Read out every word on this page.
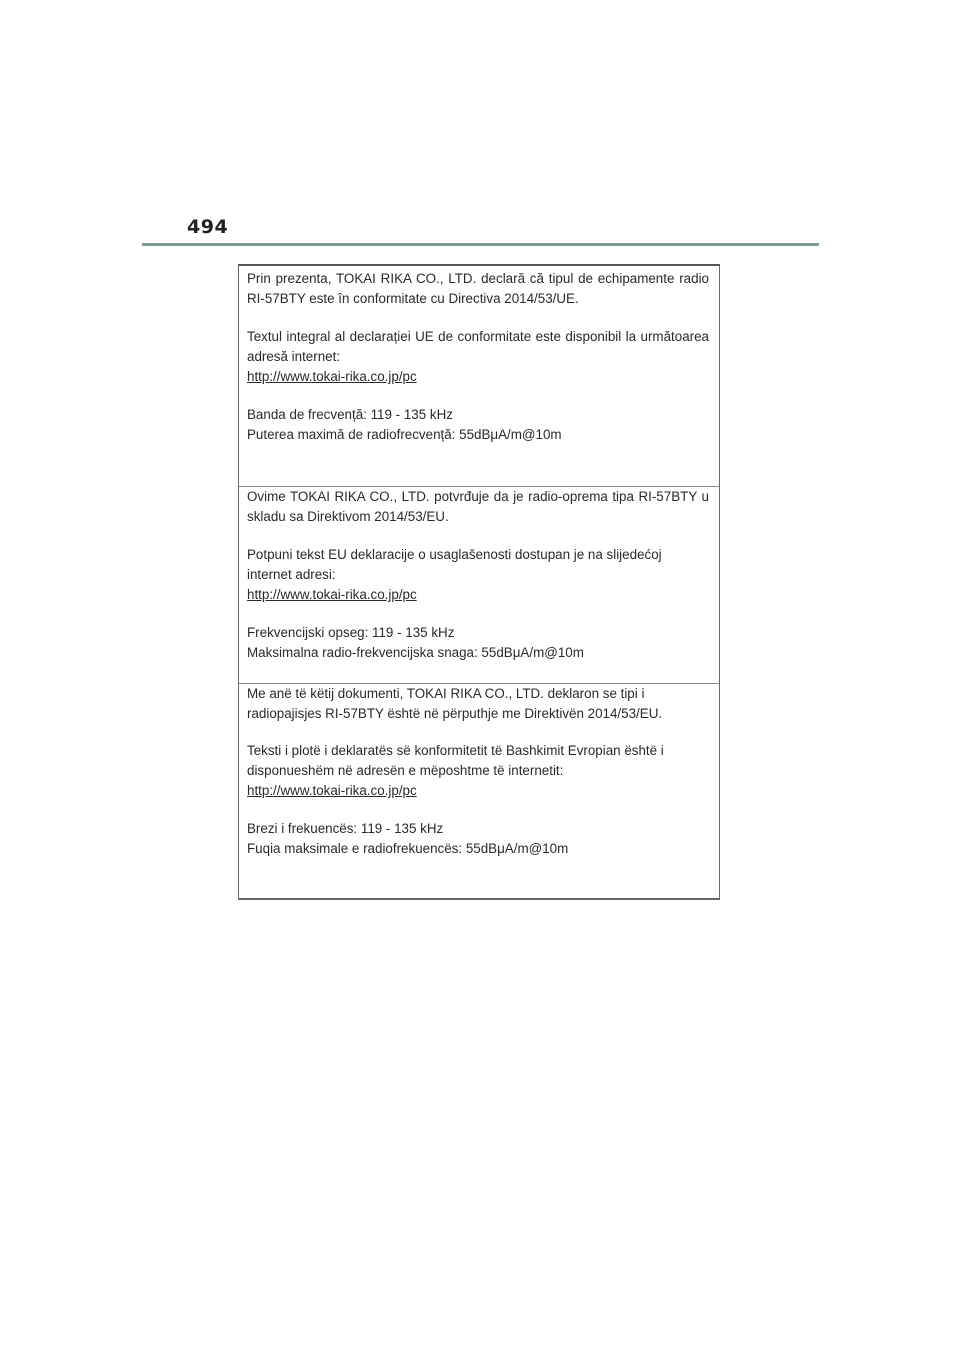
494

Prin prezenta, TOKAI RIKA CO., LTD. declară că tipul de echipamente radio RI-57BTY este în conformitate cu Directiva 2014/53/UE.

Textul integral al declarației UE de conformitate este disponibil la următoarea adresă internet:

http://www.tokai-rika.co.jp/pc

Banda de frecvență: 119 - 135 kHz

Puterea maximă de radiofrecvență: 55dBμA/m@10m

Ovime TOKAI RIKA CO., LTD. potvrđuje da je radio-oprema tipa RI-57BTY u skladu sa Direktivom 2014/53/EU.

Potpuni tekst EU deklaracije o usaglašenosti dostupan je na slijedećoj internet adresi:

http://www.tokai-rika.co.jp/pc

Frekvencijski opseg: 119 - 135 kHz

Maksimalna radio-frekvencijska snaga: 55dBμA/m@10m

Me anë të këtij dokumenti, TOKAI RIKA CO., LTD. deklaron se tipi i radiopajisjes RI-57BTY është në përputhje me Direktivën 2014/53/EU.

Teksti i plotë i deklaratës së konformitetit të Bashkimit Evropian është i disponueshëm në adresën e mëposhtme të internetit:

http://www.tokai-rika.co.jp/pc

Brezi i frekuencës: 119 - 135 kHz

Fuqia maksimale e radiofrekuencës: 55dBμA/m@10m
